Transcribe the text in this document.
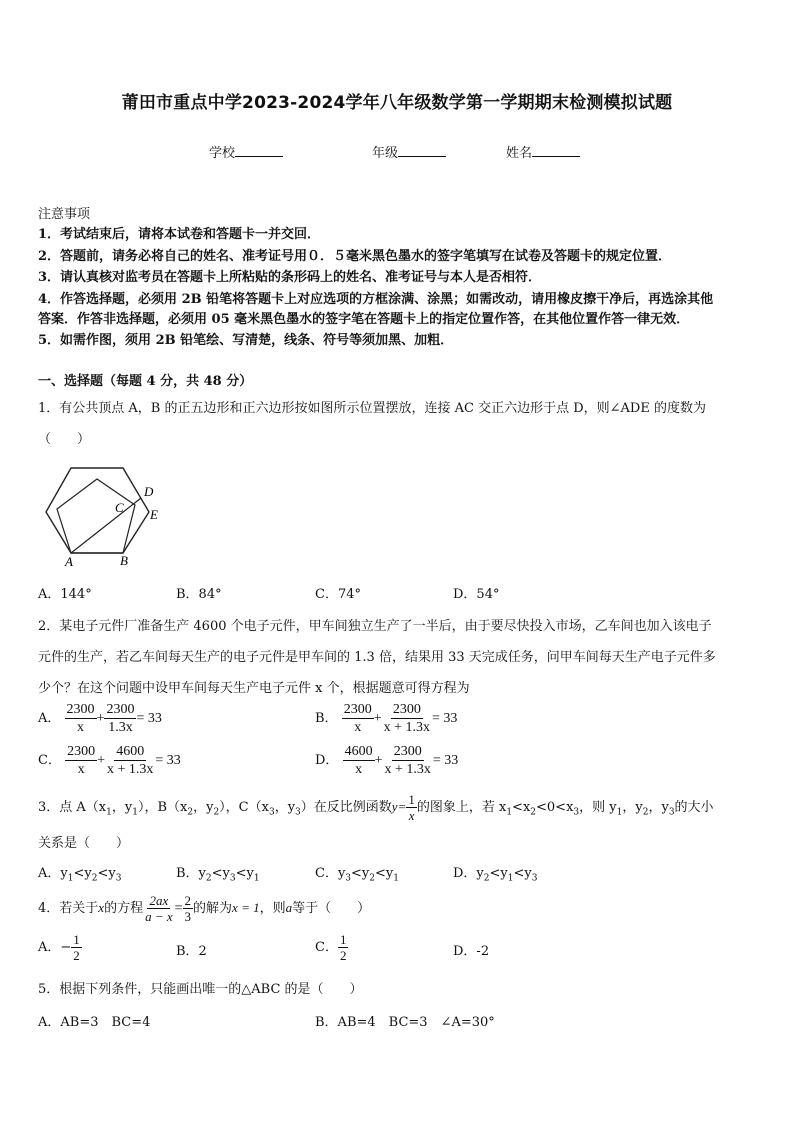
莆田市重点中学2023-2024学年八年级数学第一学期期末检测模拟试题
学校	年级	姓名
注意事项
1．考试结束后，请将本试卷和答题卡一并交回．
2．答题前，请务必将自己的姓名、准考证号用０．５毫米黑色墨水的签字笔填写在试卷及答题卡的规定位置．
3．请认真核对监考员在答题卡上所粘贴的条形码上的姓名、准考证号与本人是否相符．
4．作答选择题，必须用 2B 铅笔将答题卡上对应选项的方框涂满、涂黑；如需改动，请用橡皮擦干净后，再选涂其他
答案．作答非选择题，必须用 05 毫米黑色墨水的签字笔在答题卡上的指定位置作答，在其他位置作答一律无效．
5．如需作图，须用 2B 铅笔绘、写清楚，线条、符号等须加黑、加粗．
一、选择题（每题 4 分，共 48 分）
1．有公共顶点 A，B 的正五边形和正六边形按如图所示位置摆放，连接 AC 交正六边形于点 D，则∠ADE 的度数为
（　　）
A	B
C
D
E
A．144°	B．84°	C．74°	D．54°
2．某电子元件厂准备生产 4600 个电子元件，甲车间独立生产了一半后，由于要尽快投入市场，乙车间也加入该电子
元件的生产，若乙车间每天生产的电子元件是甲车间的 1.3 倍，结果用 33 天完成任务，问甲车间每天生产电子元件多
少个？在这个问题中设甲车间每天生产电子元件 x 个，根据题意可得方程为
A． $\frac{2300}{x} + \frac{2300}{1.3x} = 33$	B． $\frac{2300}{x} + \frac{2300}{x + 1.3x} = 33$
C． $\frac{2300}{x} + \frac{4600}{x + 1.3x} = 33$	D． $\frac{4600}{x} + \frac{2300}{x + 1.3x} = 33$
3．点 $A(x_1$，$y_1$），$B(x_2$，$y_2$），$C(x_3$，$y_3$）在反比例函数$y= \frac{1}{x}$ 的图象上，若 $x_1<x_2<0<x_3$，则 $y_1$，$y_2$，$y_3$的大小
关系是（　　）
A．$y_1<y_2<y_3$	B．$y_2<y_3<y_1$	C．$y_3<y_2<y_1$	D．$y_2<y_1<y_3$
4．若关于x的方程 $\frac{2ax}{a - x} = \frac{2}{3}$ 的解为x = 1，则a等于（　　）
A．− $\frac{1}{2}$	B．2	C． $\frac{1}{2}$	D．-2
5．根据下列条件，只能画出唯一的△ABC 的是（　　）
A．AB=3　BC=4	B．AB=4　BC=3　∠A=30°
